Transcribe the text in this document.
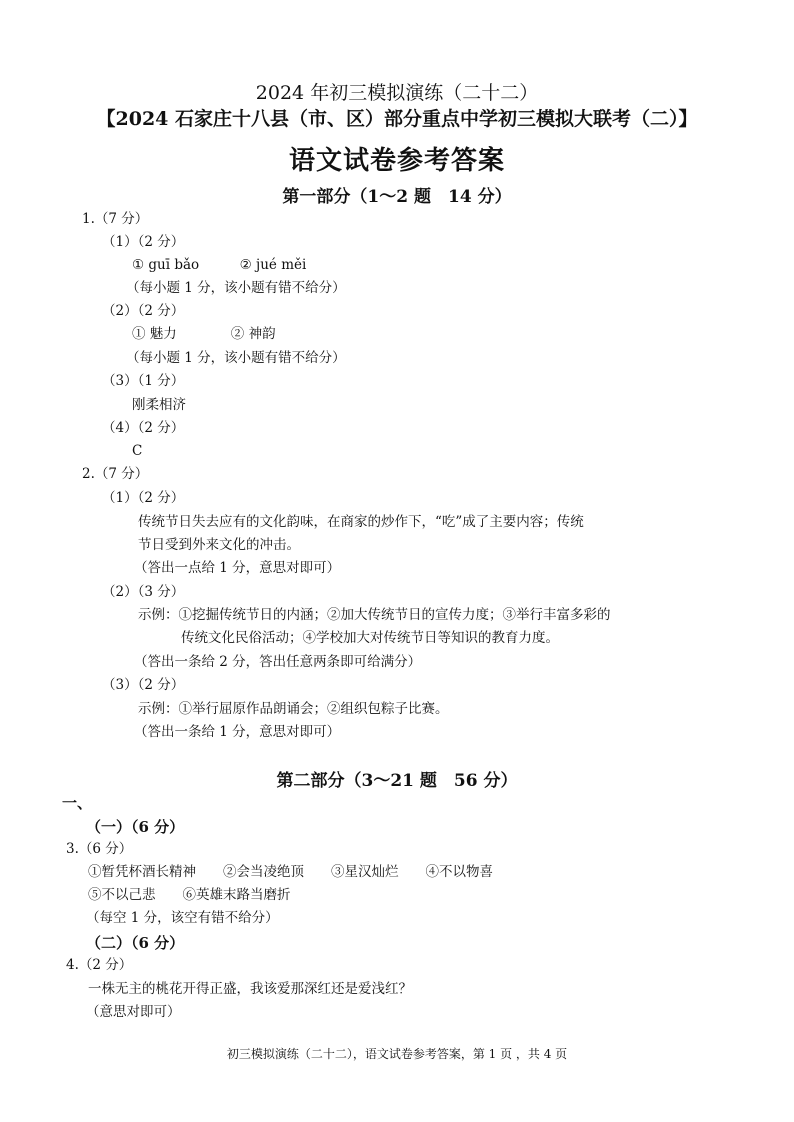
2024 年初三模拟演练（二十二）
【2024 石家庄十八县（市、区）部分重点中学初三模拟大联考（二）】
语文试卷参考答案
第一部分（1～2 题　14 分）
1.（7 分）
（1）（2 分）
① guī bǎo　　　② jué měi
（每小题 1 分，该小题有错不给分）
（2）（2 分）
① 魅力　　　　② 神韵
（每小题 1 分，该小题有错不给分）
（3）（1 分）
刚柔相济
（4）（2 分）
C
2.（7 分）
（1）（2 分）
传统节日失去应有的文化韵味，在商家的炒作下，“吃”成了主要内容；传统
节日受到外来文化的冲击。
（答出一点给 1 分，意思对即可）
（2）（3 分）
示例：①挖掘传统节日的内涵；②加大传统节日的宣传力度；③举行丰富多彩的
传统文化民俗活动；④学校加大对传统节日等知识的教育力度。
（答出一条给 2 分，答出任意两条即可给满分）
（3）（2 分）
示例：①举行屈原作品朗诵会；②组织包粽子比赛。
（答出一条给 1 分，意思对即可）
第二部分（3～21 题　56 分）
一、
（一）（6 分）
3.（6 分）
①暂凭杯酒长精神　　②会当凌绝顶　　③星汉灿烂　　④不以物喜
⑤不以己悲　　⑥英雄末路当磨折
（每空 1 分，该空有错不给分）
（二）（6 分）
4.（2 分）
一株无主的桃花开得正盛，我该爱那深红还是爱浅红？
（意思对即可）
初三模拟演练（二十二），语文试卷参考答案，第 1 页 ，共 4 页
